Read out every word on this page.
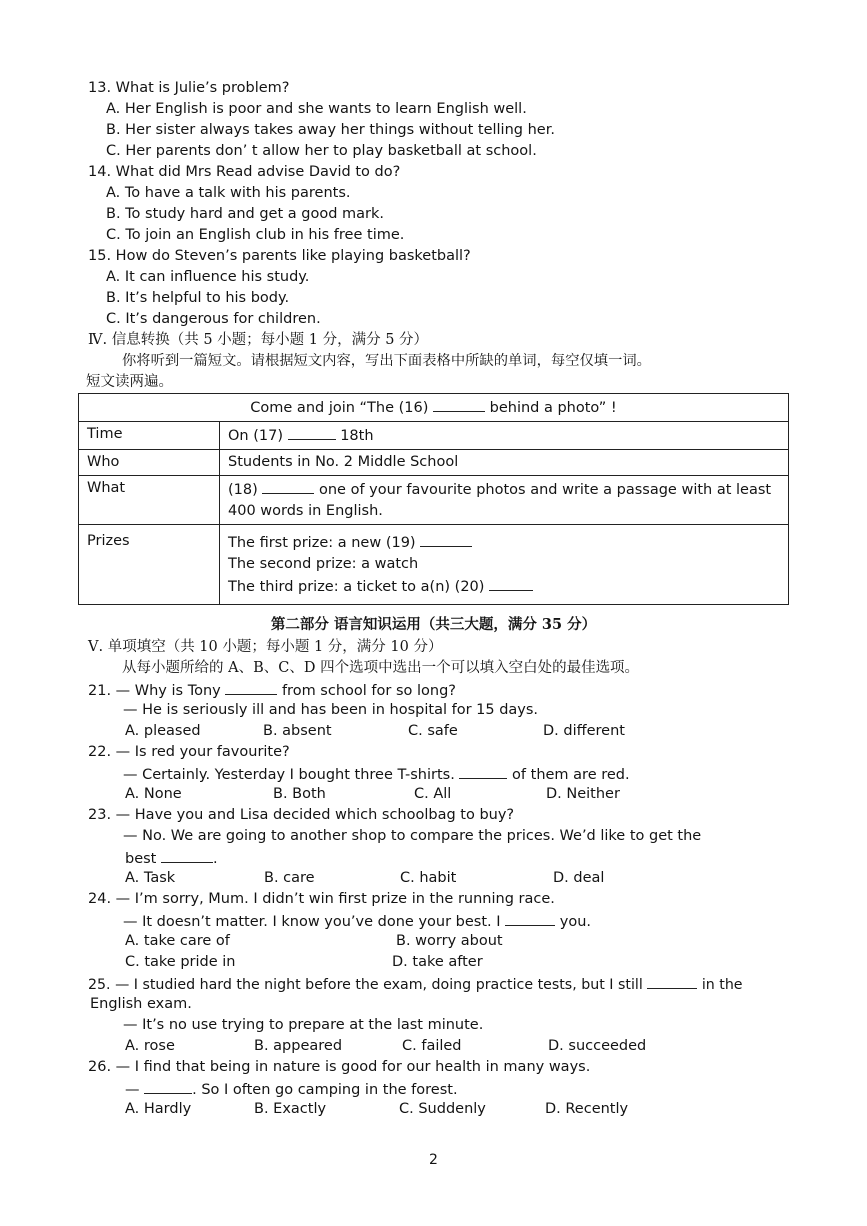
13. What is Julie’s problem?
A. Her English is poor and she wants to learn English well.
B. Her sister always takes away her things without telling her.
C. Her parents don’ t allow her to play basketball at school.
14. What did Mrs Read advise David to do?
A. To have a talk with his parents.
B. To study hard and get a good mark.
C. To join an English club in his free time.
15. How do Steven’s parents like playing basketball?
A. It can influence his study.
B. It’s helpful to his body.
C. It’s dangerous for children.
Ⅳ. 信息转换（共 5 小题；每小题 1 分，满分 5 分）
你将听到一篇短文。请根据短文内容，写出下面表格中所缺的单词，每空仅填一词。
短文读两遍。
Come and join “The (16) behind a photo” !	
Time	On (17) 18th
Who	Students in No. 2 Middle School
What	(18) one of your favourite photos and write a passage with at least
400 words in English.

Prizes	The first prize: a new (19)
The second prize: a watch
The third prize: a ticket to a(n) (20)
第二部分 语言知识运用（共三大题，满分 35 分）
Ⅴ. 单项填空（共 10 小题；每小题 1 分，满分 10 分）
从每小题所给的 A、B、C、D 四个选项中选出一个可以填入空白处的最佳选项。
21. — Why is Tony	from school for so long?
— He is seriously ill and has been in hospital for 15 days.
A. pleased	B. absent	C. safe	D. different
22. — Is red your favourite?
— Certainly. Yesterday I bought three T-shirts.	of them are red.
A. None	B. Both	C. All	D. Neither
23. — Have you and Lisa decided which schoolbag to buy?
— No. We are going to another shop to compare the prices. We’d like to get the
best	.
A. Task	B. care	C. habit	D. deal
24. — I’m sorry, Mum. I didn’t win first prize in the running race.
— It doesn’t matter. I know you’ve done your best. I	you.
A. take care of	B. worry about
C. take pride in	D. take after
25. — I studied hard the night before the exam, doing practice tests, but I still	in the
English exam.
— It’s no use trying to prepare at the last minute.
A. rose	B. appeared	C. failed	D. succeeded
26. — I find that being in nature is good for our health in many ways.
—	. So I often go camping in the forest.
A. Hardly	B. Exactly	C. Suddenly	D. Recently
2
